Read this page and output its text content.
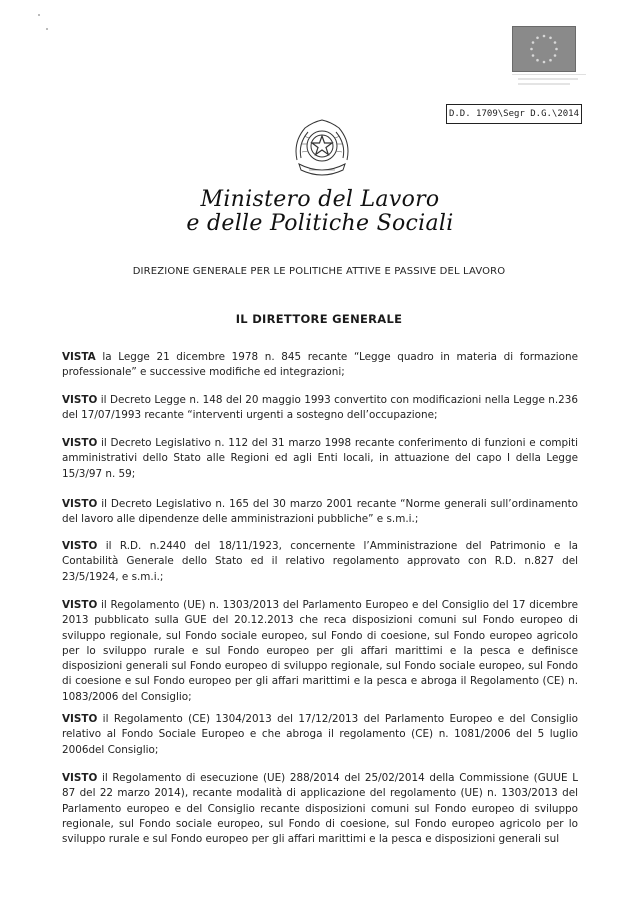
D.D. 1709\Segr D.G.\2014
Ministero del Lavoro
e delle Politiche Sociali
DIREZIONE GENERALE PER LE POLITICHE ATTIVE E PASSIVE DEL LAVORO
IL DIRETTORE GENERALE
VISTA la Legge 21 dicembre 1978 n. 845 recante “Legge quadro in materia di formazione professionale” e successive modifiche ed integrazioni;
VISTO il Decreto Legge n. 148 del 20 maggio 1993 convertito con modificazioni nella Legge n.236 del 17/07/1993 recante “interventi urgenti a sostegno dell’occupazione;
VISTO il Decreto Legislativo n. 112 del 31 marzo 1998 recante conferimento di funzioni e compiti amministrativi dello Stato alle Regioni ed agli Enti locali, in attuazione del capo I della Legge 15/3/97 n. 59;
VISTO il Decreto Legislativo n. 165 del 30 marzo 2001 recante “Norme generali sull’ordinamento del lavoro alle dipendenze delle amministrazioni pubbliche” e s.m.i.;
VISTO il R.D. n.2440 del 18/11/1923, concernente l’Amministrazione del Patrimonio e la Contabilità Generale dello Stato ed il relativo regolamento approvato con R.D. n.827 del 23/5/1924, e s.m.i.;
VISTO il Regolamento (UE) n. 1303/2013 del Parlamento Europeo e del Consiglio del 17 dicembre 2013 pubblicato sulla GUE del 20.12.2013 che reca disposizioni comuni sul Fondo europeo di sviluppo regionale, sul Fondo sociale europeo, sul Fondo di coesione, sul Fondo europeo agricolo per lo sviluppo rurale e sul Fondo europeo per gli affari marittimi e la pesca e definisce disposizioni generali sul Fondo europeo di sviluppo regionale, sul Fondo sociale europeo, sul Fondo di coesione e sul Fondo europeo per gli affari marittimi e la pesca e abroga il Regolamento (CE) n. 1083/2006 del Consiglio;
VISTO il Regolamento (CE) 1304/2013 del 17/12/2013 del Parlamento Europeo e del Consiglio relativo al Fondo Sociale Europeo e che abroga il regolamento (CE) n. 1081/2006 del 5 luglio 2006del Consiglio;
VISTO il Regolamento di esecuzione (UE) 288/2014 del 25/02/2014 della Commissione (GUUE L 87 del 22 marzo 2014), recante modalità di applicazione del regolamento (UE) n. 1303/2013 del Parlamento europeo e del Consiglio recante disposizioni comuni sul Fondo europeo di sviluppo regionale, sul Fondo sociale europeo, sul Fondo di coesione, sul Fondo europeo agricolo per lo sviluppo rurale e sul Fondo europeo per gli affari marittimi e la pesca e disposizioni generali sul
